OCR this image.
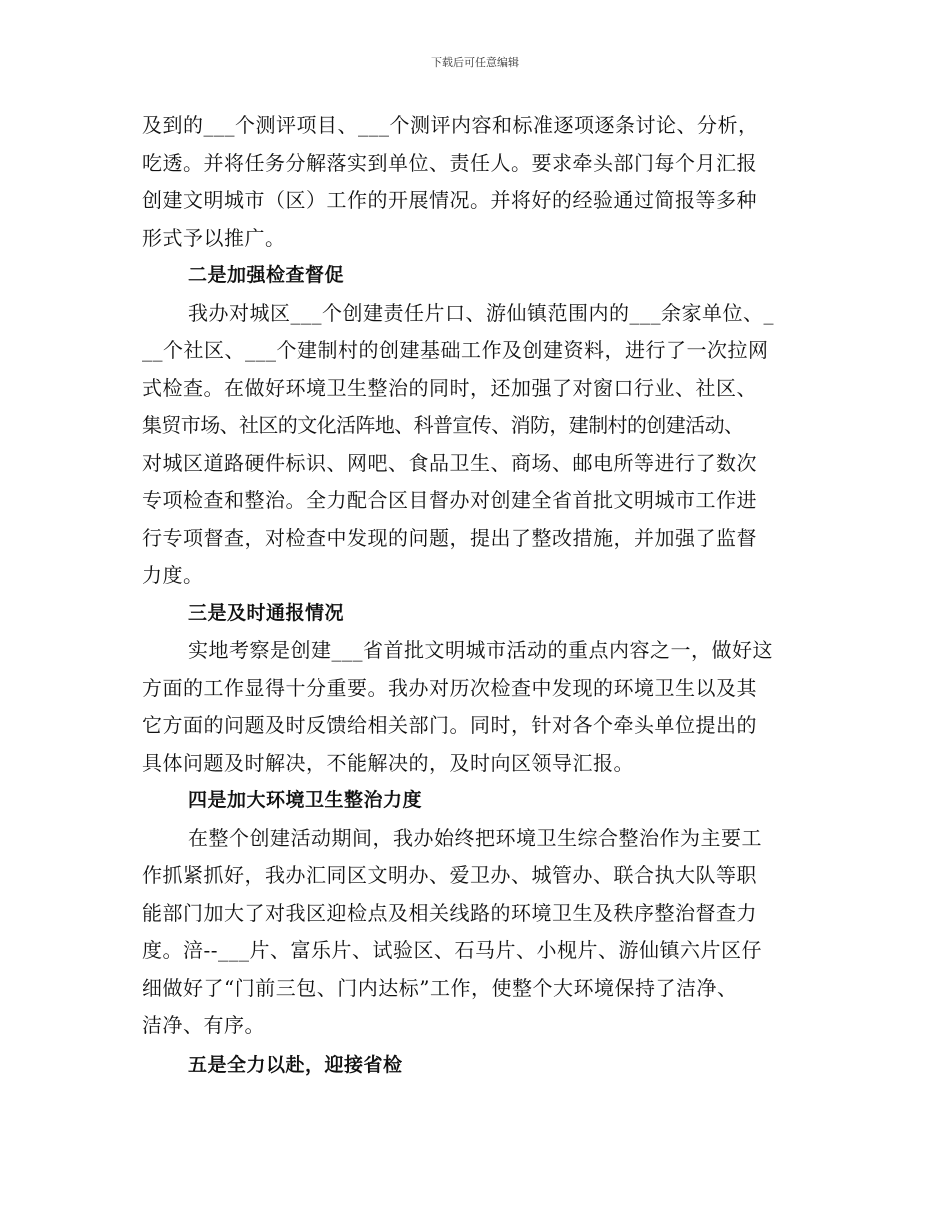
下载后可任意编辑
及到的___个测评项目、___个测评内容和标准逐项逐条讨论、分析，
吃透。并将任务分解落实到单位、责任人。要求牵头部门每个月汇报
创建文明城市（区）工作的开展情况。并将好的经验通过简报等多种
形式予以推广。
二是加强检查督促
我办对城区___个创建责任片口、游仙镇范围内的___余家单位、_
__个社区、___个建制村的创建基础工作及创建资料，进行了一次拉网
式检查。在做好环境卫生整治的同时，还加强了对窗口行业、社区、
集贸市场、社区的文化活阵地、科普宣传、消防，建制村的创建活动、
对城区道路硬件标识、网吧、食品卫生、商场、邮电所等进行了数次
专项检查和整治。全力配合区目督办对创建全省首批文明城市工作进
行专项督查，对检查中发现的问题，提出了整改措施，并加强了监督
力度。
三是及时通报情况
实地考察是创建___省首批文明城市活动的重点内容之一，做好这
方面的工作显得十分重要。我办对历次检查中发现的环境卫生以及其
它方面的问题及时反馈给相关部门。同时，针对各个牵头单位提出的
具体问题及时解决，不能解决的，及时向区领导汇报。
四是加大环境卫生整治力度
在整个创建活动期间，我办始终把环境卫生综合整治作为主要工
作抓紧抓好，我办汇同区文明办、爱卫办、城管办、联合执大队等职
能部门加大了对我区迎检点及相关线路的环境卫生及秩序整治督查力
度。涪--___片、富乐片、试验区、石马片、小枧片、游仙镇六片区仔
细做好了“门前三包、门内达标”工作，使整个大环境保持了洁净、
洁净、有序。
五是全力以赴，迎接省检
